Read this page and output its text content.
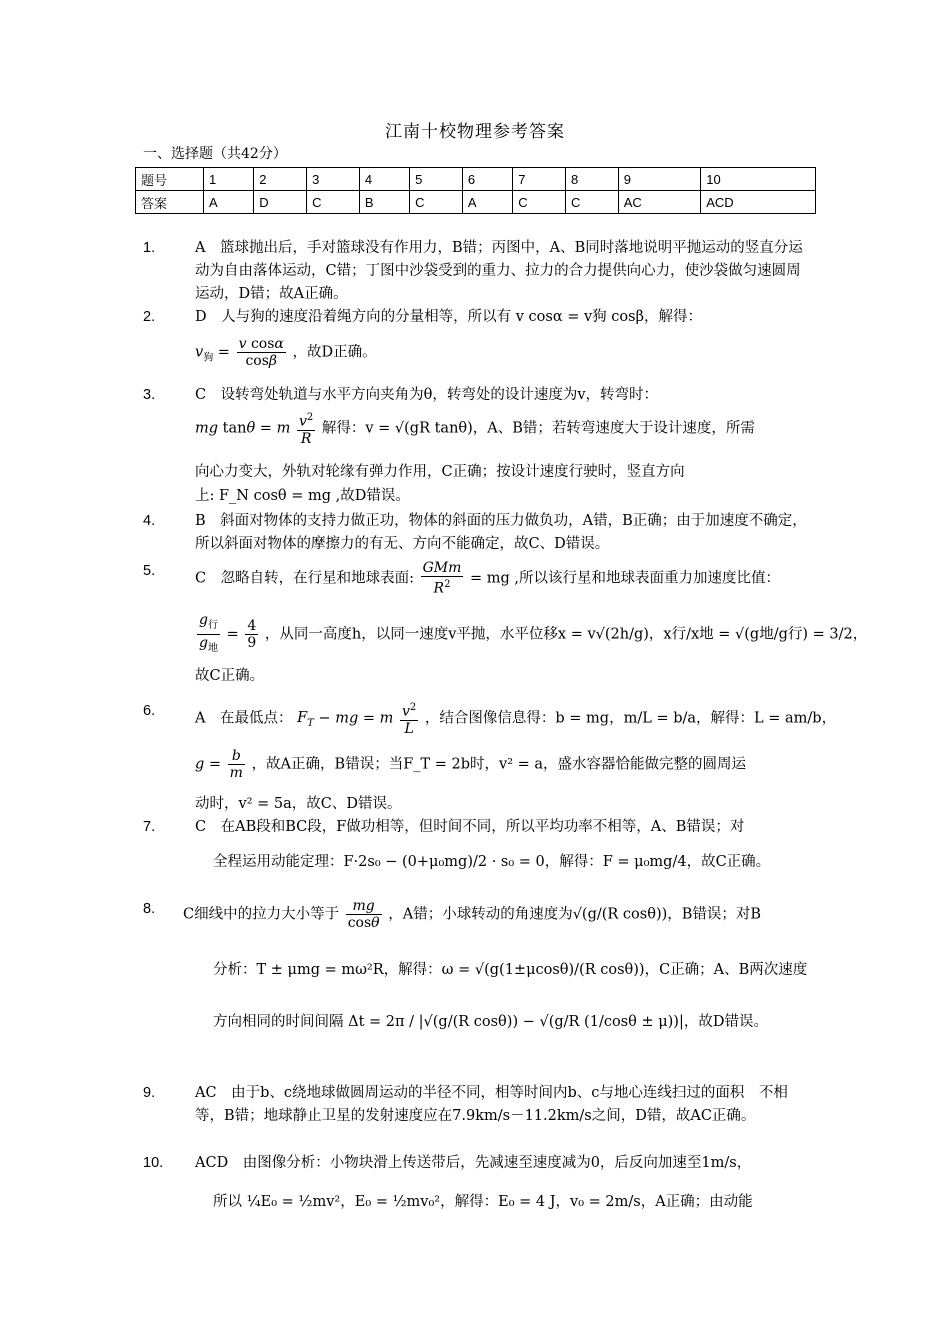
江南十校物理参考答案
一、选择题（共42分）
题号	1	2	3	4	5	6	7	8	9	10
答案	A	D	C	B	C	A	C	C	AC	ACD
1.	A　篮球抛出后，手对篮球没有作用力，B错；丙图中，A、B同时落地说明平抛运动的竖直分运动为自由落体运动，C错；丁图中沙袋受到的重力、拉力的合力提供向心力，使沙袋做匀速圆周运动，D错；故A正确。
2.	D　人与狗的速度沿着绳方向的分量相等，所以有 v cosα = v狗 cosβ，解得：
$v_狗 = \frac{\text{v cosα}}{\cos\beta}$ ，故D正确。
3.	C　设转弯处轨道与水平方向夹角为θ，转弯处的设计速度为v，转弯时：
mg tanθ = m $\frac{v^2}{R}$ 解得：v = √(gR tanθ)，A、B错；若转弯速度大于设计速度，所需
向心力变大，外轨对轮缘有弹力作用，C正确；按设计速度行驶时，竖直方向
上: F_N cosθ = mg ,故D错误。
4.	B　斜面对物体的支持力做正功，物体的斜面的压力做负功，A错，B正确；由于加速度不确定，所以斜面对物体的摩擦力的有无、方向不能确定，故C、D错误。
5.	C　忽略自转，在行星和地球表面: $\frac{\text{GMm}}{R^2}$ = mg ,所以该行星和地球表面重力加速度比值：
$\frac{g_行}{g_地} = \frac{4}{9}$ ，从同一高度h，以同一速度v平抛，水平位移x = v√(2h/g)，x行/x地 = √(g地/g行) = 3/2，
故C正确。
6.	A　在最低点： $F_T$ − mg = m $\frac{v^2}{L}$ ，结合图像信息得：b = mg，m/L = b/a，解得：L = am/b，
$g = \frac{b}{m}$ ，故A正确，B错误；当F_T = 2b时，v² = a，盛水容器恰能做完整的圆周运
动时，v² = 5a，故C、D错误。
7.	C　在AB段和BC段，F做功相等，但时间不同，所以平均功率不相等，A、B错误；对
全程运用动能定理：F·2s₀ − (0+μ₀mg)/2 · s₀ = 0，解得：F = μ₀mg/4，故C正确。
8. C细线中的拉力大小等于 $\frac{mg}{\cos\theta}$ ，A错；小球转动的角速度为√(g/(R cosθ))，B错误；对B
分析：T ± μmg = mω²R，解得：ω = √(g(1±μcosθ)/(R cosθ))，C正确；A、B两次速度
方向相同的时间间隔 Δt = 2π / |√(g/(R cosθ)) − √(g/R (1/cosθ ± μ))|，故D错误。
9.	AC　由于b、c绕地球做圆周运动的半径不同，相等时间内b、c与地心连线扫过的面积　不相等，B错；地球静止卫星的发射速度应在7.9km/s－11.2km/s之间，D错，故AC正确。
10. ACD　由图像分析：小物块滑上传送带后，先减速至速度减为0，后反向加速至1m/s，
所以 ¼E₀ = ½mv²，E₀ = ½mv₀²，解得：E₀ = 4 J，v₀ = 2m/s，A正确；由动能
